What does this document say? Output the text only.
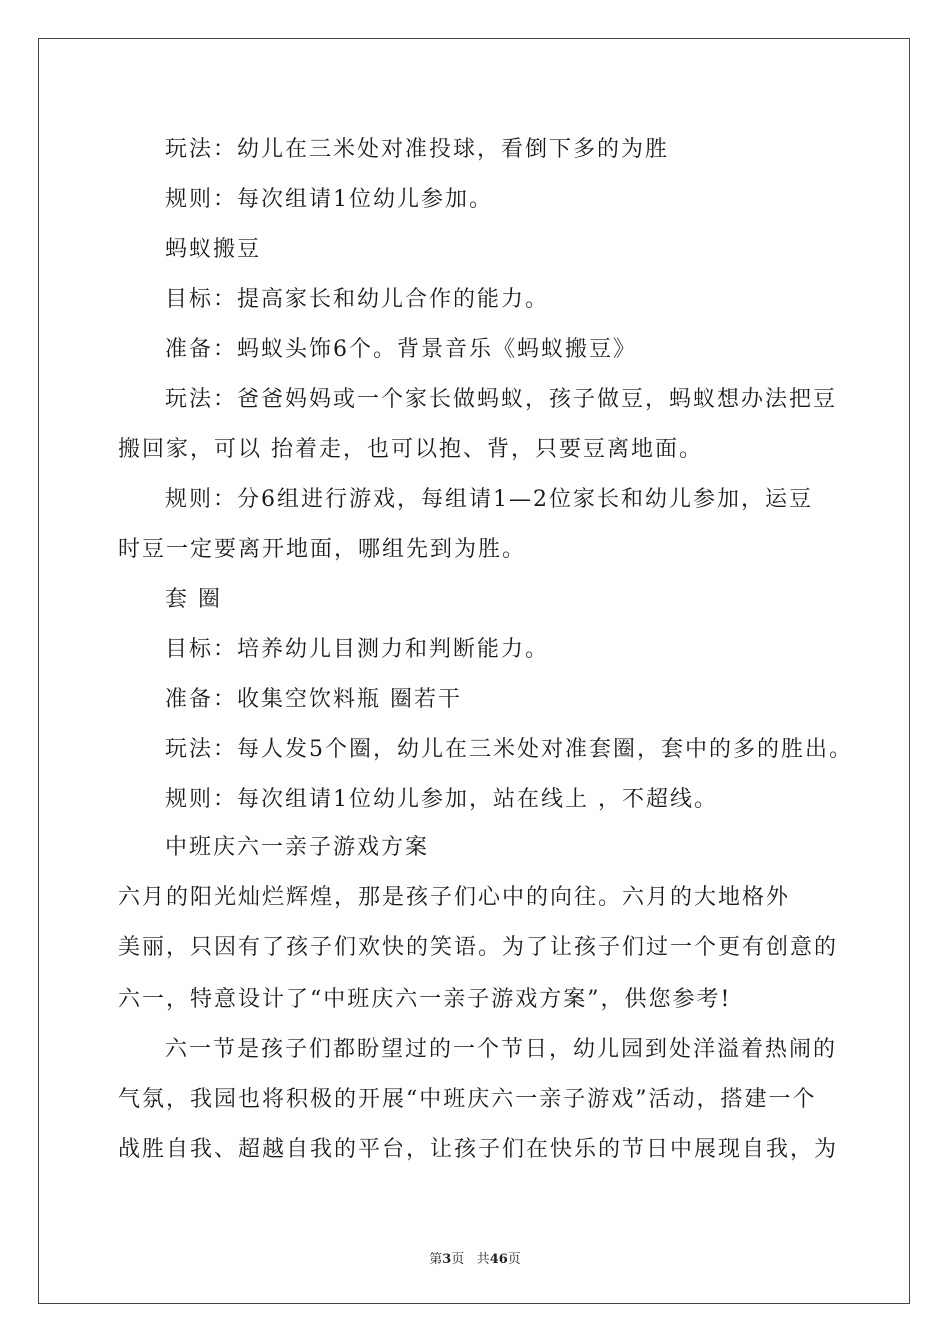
玩法：幼儿在三米处对准投球，看倒下多的为胜
规则：每次组请1位幼儿参加。
蚂蚁搬豆
目标：提高家长和幼儿合作的能力。
准备：蚂蚁头饰6个。背景音乐《蚂蚁搬豆》
玩法：爸爸妈妈或一个家长做蚂蚁，孩子做豆，蚂蚁想办法把豆
搬回家，可以 抬着走，也可以抱、背，只要豆离地面。
规则：分6组进行游戏，每组请1—2位家长和幼儿参加，运豆
时豆一定要离开地面，哪组先到为胜。
套 圈
目标：培养幼儿目测力和判断能力。
准备：收集空饮料瓶 圈若干
玩法：每人发5个圈，幼儿在三米处对准套圈，套中的多的胜出。
规则：每次组请1位幼儿参加，站在线上 ，不超线。
中班庆六一亲子游戏方案
六月的阳光灿烂辉煌，那是孩子们心中的向往。六月的大地格外
美丽，只因有了孩子们欢快的笑语。为了让孩子们过一个更有创意的
六一，特意设计了“中班庆六一亲子游戏方案”，供您参考!
六一节是孩子们都盼望过的一个节日，幼儿园到处洋溢着热闹的
气氛，我园也将积极的开展“中班庆六一亲子游戏”活动，搭建一个
战胜自我、超越自我的平台，让孩子们在快乐的节日中展现自我，为
第3页 共46页
